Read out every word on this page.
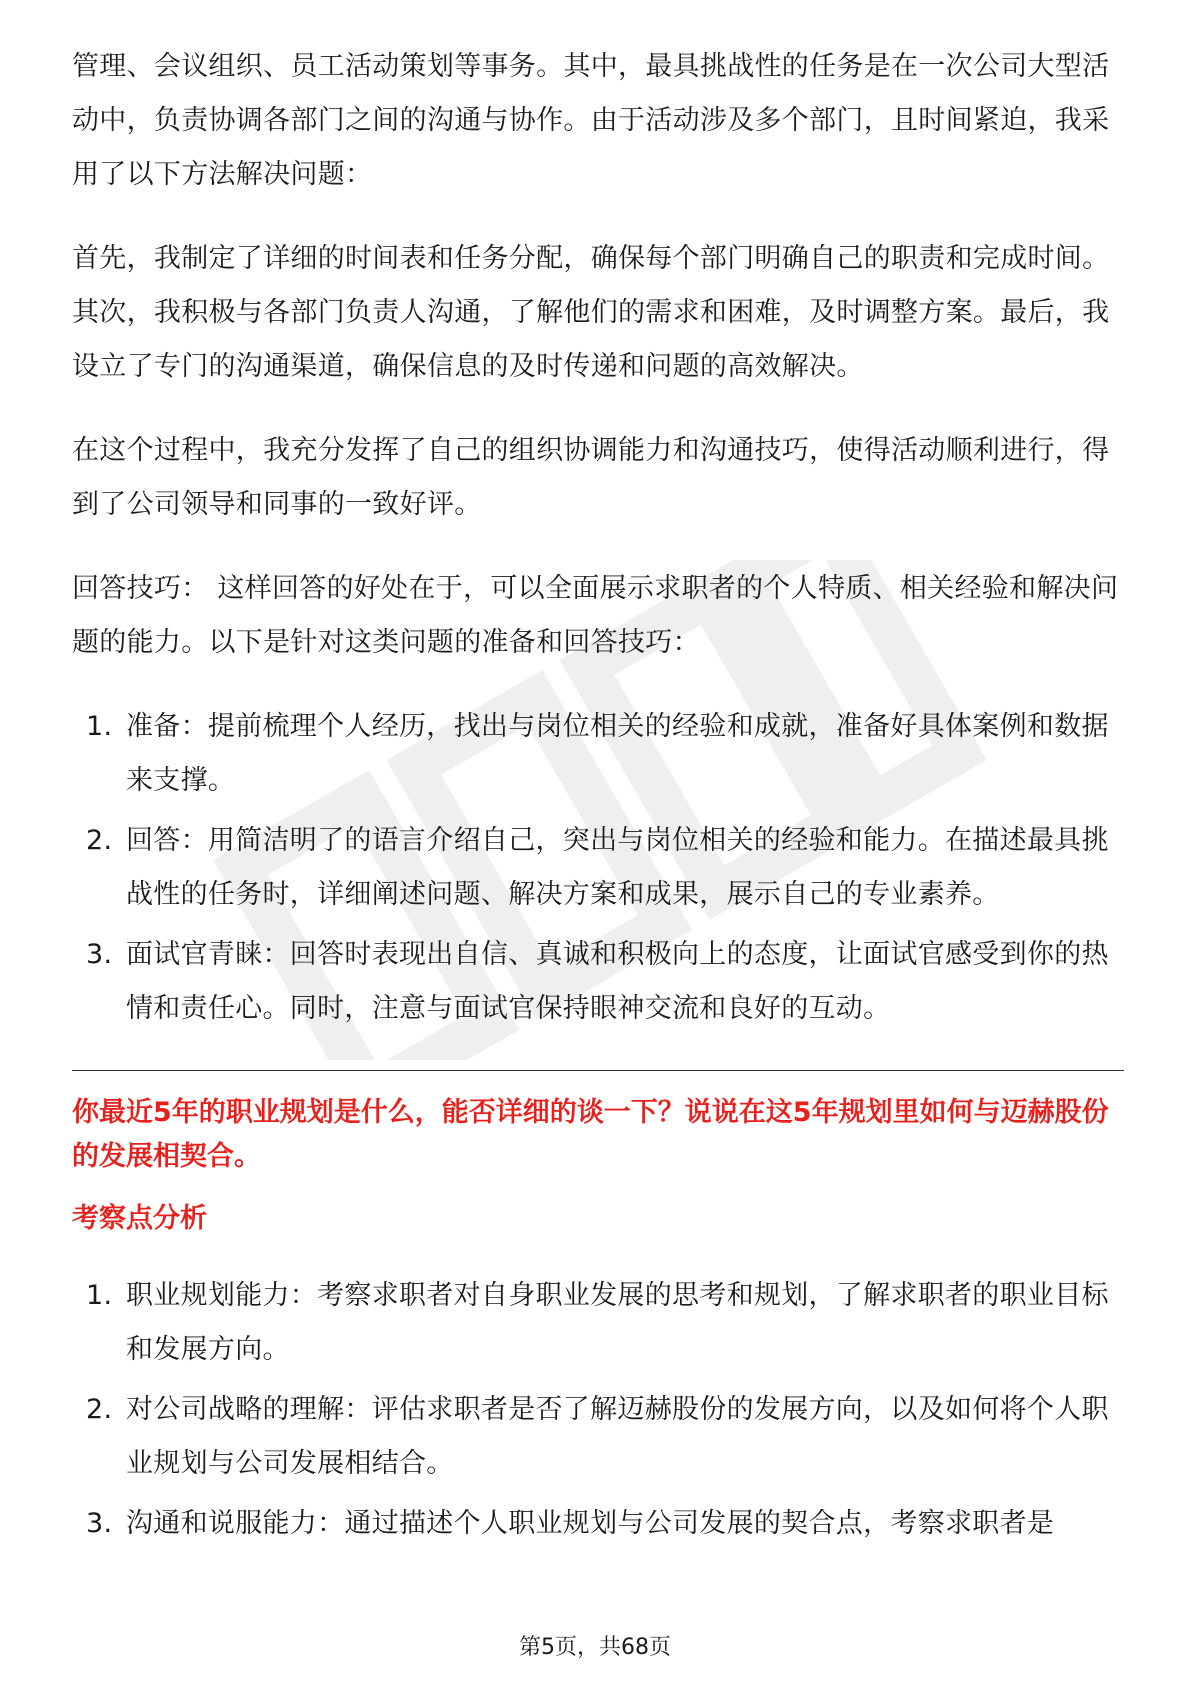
管理、会议组织、员工活动策划等事务。其中，最具挑战性的任务是在一次公司大型活动中，负责协调各部门之间的沟通与协作。由于活动涉及多个部门，且时间紧迫，我采用了以下方法解决问题：

首先，我制定了详细的时间表和任务分配，确保每个部门明确自己的职责和完成时间。其次，我积极与各部门负责人沟通，了解他们的需求和困难，及时调整方案。最后，我设立了专门的沟通渠道，确保信息的及时传递和问题的高效解决。

在这个过程中，我充分发挥了自己的组织协调能力和沟通技巧，使得活动顺利进行，得到了公司领导和同事的一致好评。

回答技巧： 这样回答的好处在于，可以全面展示求职者的个人特质、相关经验和解决问题的能力。以下是针对这类问题的准备和回答技巧：

1. 准备：提前梳理个人经历，找出与岗位相关的经验和成就，准备好具体案例和数据来支撑。
2. 回答：用简洁明了的语言介绍自己，突出与岗位相关的经验和能力。在描述最具挑战性的任务时，详细阐述问题、解决方案和成果，展示自己的专业素养。
3. 面试官青睐：回答时表现出自信、真诚和积极向上的态度，让面试官感受到你的热情和责任心。同时，注意与面试官保持眼神交流和良好的互动。

你最近5年的职业规划是什么，能否详细的谈一下？说说在这5年规划里如何与迈赫股份的发展相契合。

考察点分析

1. 职业规划能力：考察求职者对自身职业发展的思考和规划，了解求职者的职业目标和发展方向。
2. 对公司战略的理解：评估求职者是否了解迈赫股份的发展方向，以及如何将个人职业规划与公司发展相结合。
3. 沟通和说服能力：通过描述个人职业规划与公司发展的契合点，考察求职者是
第5页，共68页
